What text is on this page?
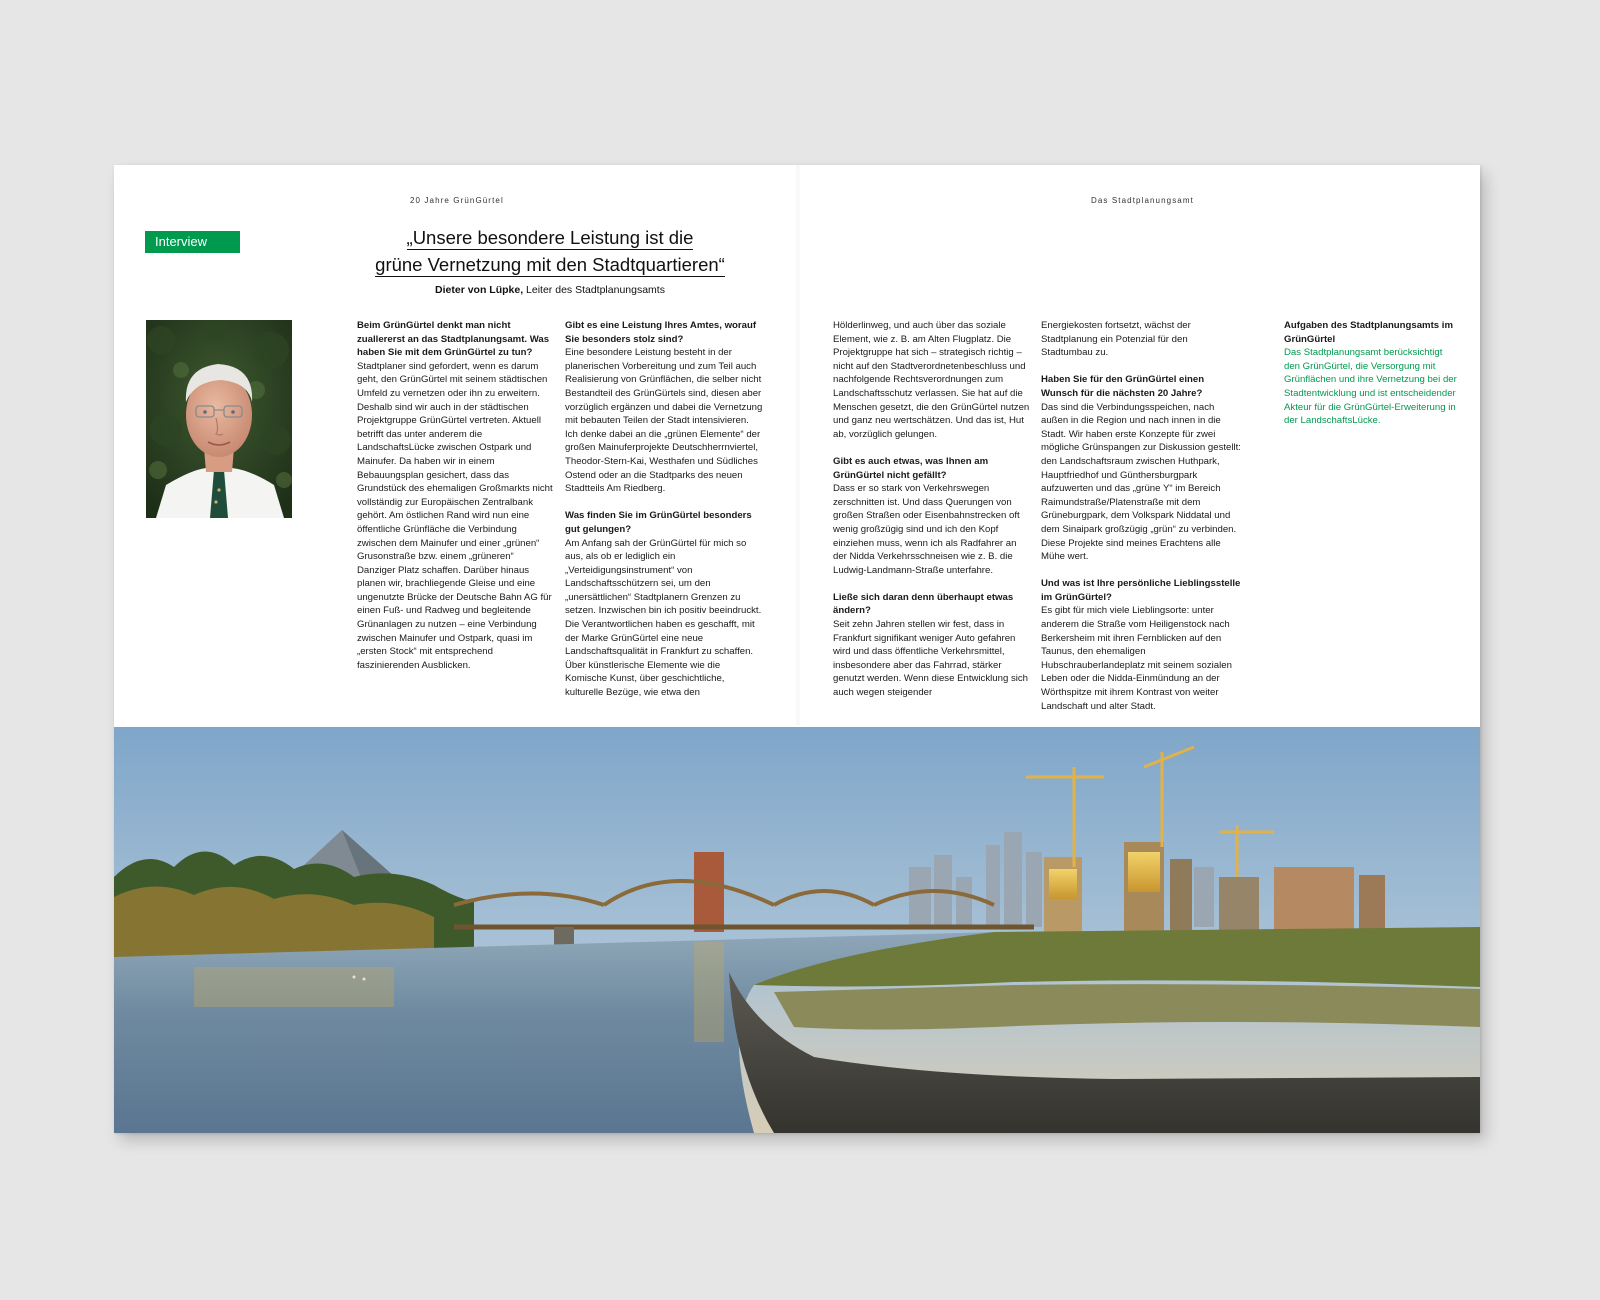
20 Jahre GrünGürtel	Das Stadtplanungsamt
Interview	„Unsere besondere Leistung ist die
grüne Vernetzung mit den Stadtquartieren“
Dieter von Lüpke, Leiter des Stadtplanungsamts

Beim GrünGürtel denkt man nicht zuallererst an das Stadtplanungsamt. Was haben Sie mit dem GrünGürtel zu tun?

Stadtplaner sind gefordert, wenn es darum geht, den GrünGürtel mit seinem städtischen Umfeld zu vernetzen oder ihn zu erweitern. Deshalb sind wir auch in der städtischen Projektgruppe GrünGürtel vertreten. Aktuell betrifft das unter anderem die LandschaftsLücke zwischen Ostpark und Mainufer. Da haben wir in einem Bebauungsplan gesichert, dass das Grundstück des ehemaligen Großmarkts nicht vollständig zur Europäischen Zentralbank gehört. Am östlichen Rand wird nun eine öffentliche Grünfläche die Verbindung zwischen dem Mainufer und einer „grünen“ Grusonstraße bzw. einem „grüneren“ Danziger Platz schaffen. Darüber hinaus planen wir, brachliegende Gleise und eine ungenutzte Brücke der Deutsche Bahn AG für einen Fuß- und Radweg und begleitende Grünanlagen zu nutzen – eine Verbindung zwischen Mainufer und Ostpark, quasi im „ersten Stock“ mit entsprechend faszinierenden Ausblicken.

Gibt es eine Leistung Ihres Amtes, worauf Sie besonders stolz sind?

Eine besondere Leistung besteht in der planerischen Vorbereitung und zum Teil auch Realisierung von Grünflächen, die selber nicht Bestandteil des GrünGürtels sind, diesen aber vorzüglich ergänzen und dabei die Vernetzung mit bebauten Teilen der Stadt intensivieren. Ich denke dabei an die „grünen Elemente“ der großen Mainuferprojekte Deutschherrnviertel, Theodor-Stern-Kai, Westhafen und Südliches Ostend oder an die Stadtparks des neuen Stadtteils Am Riedberg.

Was finden Sie im GrünGürtel besonders gut gelungen?

Am Anfang sah der GrünGürtel für mich so aus, als ob er lediglich ein „Verteidigungsinstrument“ von Landschaftsschützern sei, um den „unersättlichen“ Stadtplanern Grenzen zu setzen. Inzwischen bin ich positiv beeindruckt. Die Verantwortlichen haben es geschafft, mit der Marke GrünGürtel eine neue Landschaftsqualität in Frankfurt zu schaffen. Über künstlerische Elemente wie die Komische Kunst, über geschichtliche, kulturelle Bezüge, wie etwa den

Hölderlinweg, und auch über das soziale Element, wie z. B. am Alten Flugplatz. Die Projektgruppe hat sich – strategisch richtig – nicht auf den Stadtverordnetenbeschluss und nachfolgende Rechtsverordnungen zum Landschaftsschutz verlassen. Sie hat auf die Menschen gesetzt, die den GrünGürtel nutzen und ganz neu wertschätzen. Und das ist, Hut ab, vorzüglich gelungen.

Gibt es auch etwas, was Ihnen am GrünGürtel nicht gefällt?

Dass er so stark von Verkehrswegen zerschnitten ist. Und dass Querungen von großen Straßen oder Eisenbahnstrecken oft wenig großzügig sind und ich den Kopf einziehen muss, wenn ich als Radfahrer an der Nidda Verkehrsschneisen wie z. B. die Ludwig-Landmann-Straße unterfahre.

Ließe sich daran denn überhaupt etwas ändern?

Seit zehn Jahren stellen wir fest, dass in Frankfurt signifikant weniger Auto gefahren wird und dass öffentliche Verkehrsmittel, insbesondere aber das Fahrrad, stärker genutzt werden. Wenn diese Entwicklung sich auch wegen steigender

Energiekosten fortsetzt, wächst der Stadtplanung ein Potenzial für den Stadtumbau zu.

Haben Sie für den GrünGürtel einen Wunsch für die nächsten 20 Jahre?

Das sind die Verbindungsspeichen, nach außen in die Region und nach innen in die Stadt. Wir haben erste Konzepte für zwei mögliche Grünspangen zur Diskussion gestellt: den Landschaftsraum zwischen Huthpark, Hauptfriedhof und Günthersburgpark aufzuwerten und das „grüne Y“ im Bereich Raimundstraße/Platenstraße mit dem Grüneburgpark, dem Volkspark Niddatal und dem Sinaipark großzügig „grün“ zu verbinden. Diese Projekte sind meines Erachtens alle Mühe wert.

Und was ist Ihre persönliche Lieblingsstelle im GrünGürtel?

Es gibt für mich viele Lieblingsorte: unter anderem die Straße vom Heiligenstock nach Berkersheim mit ihren Fernblicken auf den Taunus, den ehemaligen Hubschrauberlandeplatz mit seinem sozialen Leben oder die Nidda-Einmündung an der Wörthspitze mit ihrem Kontrast von weiter Landschaft und alter Stadt.

Aufgaben des Stadtplanungsamts im GrünGürtel

Das Stadtplanungsamt berücksichtigt den GrünGürtel, die Versorgung mit Grünflächen und ihre Vernetzung bei der Stadtentwicklung und ist entscheidender Akteur für die GrünGürtel-Erweiterung in der LandschaftsLücke.
